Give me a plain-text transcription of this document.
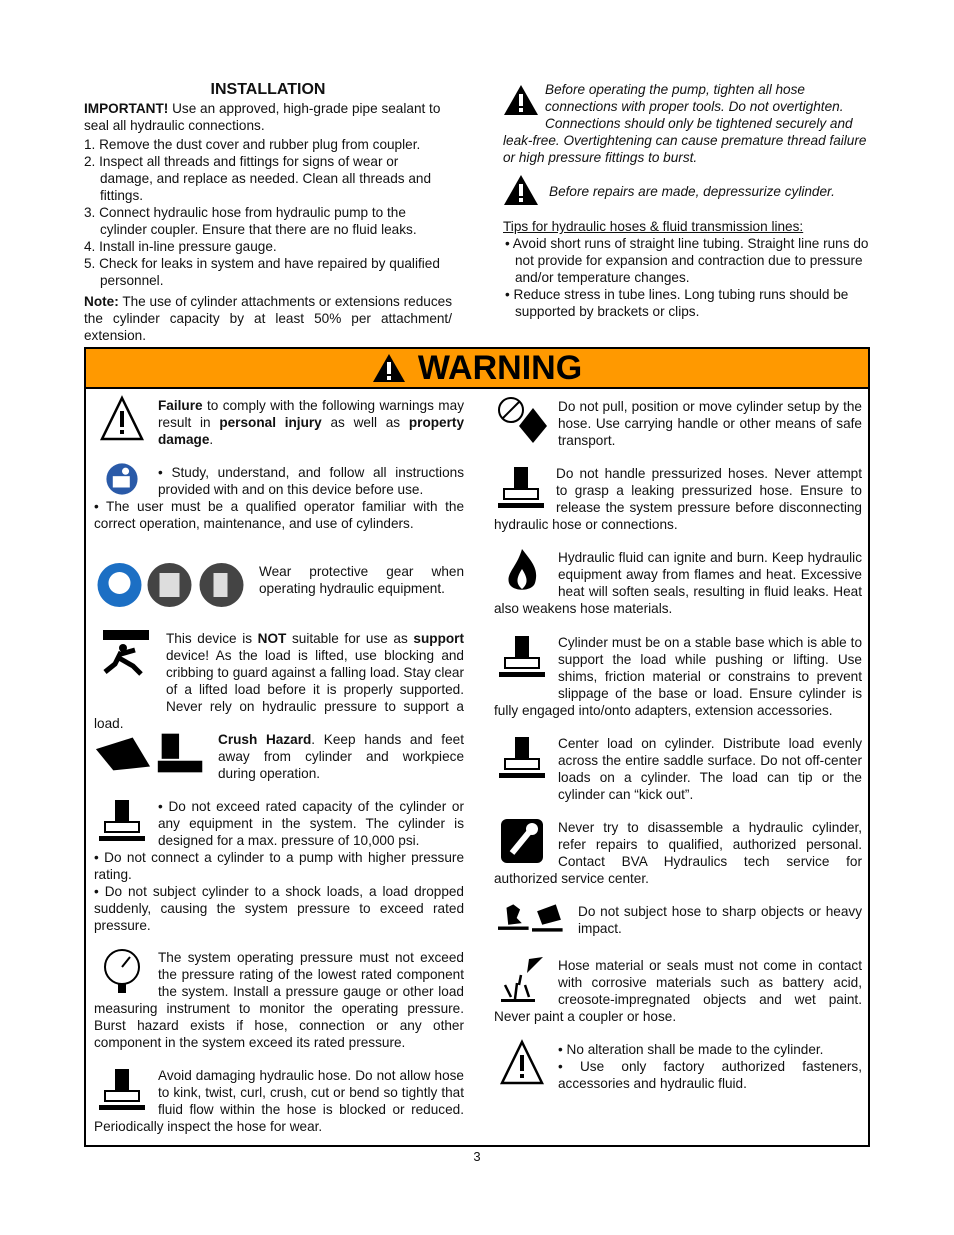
INSTALLATION

IMPORTANT! Use an approved, high-grade pipe sealant to seal all hydraulic connections.

1. Remove the dust cover and rubber plug from coupler.

2. Inspect all threads and fittings for signs of wear or damage, and replace as needed. Clean all threads and fittings.

3. Connect hydraulic hose from hydraulic pump to the cylinder coupler. Ensure that there are no fluid leaks.

4. Install in-line pressure gauge.

5. Check for leaks in system and have repaired by qualified personnel.

Note: The use of cylinder attachments or extensions reduces the cylinder capacity by at least 50% per attachment/ extension.

Before operating the pump, tighten all hose connections with proper tools. Do not overtighten. Connections should only be tightened securely and leak-free. Overtightening can cause premature thread failure or high pressure fittings to burst.

Before repairs are made, depressurize cylinder.

Tips for hydraulic hoses & fluid transmission lines:

• Avoid short runs of straight line tubing. Straight line runs do not provide for expansion and contraction due to pressure and/or temperature changes.

• Reduce stress in tube lines. Long tubing runs should be supported by brackets or clips.

WARNING

Failure to comply with the following warnings may result in personal injury as well as property damage.

• Study, understand, and follow all instructions provided with and on this device before use.

• The user must be a qualified operator familiar with the correct operation, maintenance, and use of cylinders.

Wear protective gear when operating hydraulic equipment.

This device is NOT suitable for use as support device! As the load is lifted, use blocking and cribbing to guard against a falling load. Stay clear of a lifted load before it is properly supported. Never rely on hydraulic pressure to support a load.

Crush Hazard. Keep hands and feet away from cylinder and workpiece during operation.

• Do not exceed rated capacity of the cylinder or any equipment in the system. The cylinder is designed for a max. pressure of 10,000 psi.

• Do not connect a cylinder to a pump with higher pressure rating.

• Do not subject cylinder to a shock loads, a load dropped suddenly, causing the system pressure to exceed rated pressure.

The system operating pressure must not exceed the pressure rating of the lowest rated component the system. Install a pressure gauge or other load measuring instrument to monitor the operating pressure. Burst hazard exists if hose, connection or any other component in the system exceed its rated pressure.

Avoid damaging hydraulic hose. Do not allow hose to kink, twist, curl, crush, cut or bend so tightly that fluid flow within the hose is blocked or reduced. Periodically inspect the hose for wear.

Do not pull, position or move cylinder setup by the hose. Use carrying handle or other means of safe transport.

Do not handle pressurized hoses. Never attempt to grasp a leaking pressurized hose. Ensure to release the system pressure before disconnecting hydraulic hose or connections.

Hydraulic fluid can ignite and burn. Keep hydraulic equipment away from flames and heat. Excessive heat will soften seals, resulting in fluid leaks. Heat also weakens hose materials.

Cylinder must be on a stable base which is able to support the load while pushing or lifting. Use shims, friction material or constrains to prevent slippage of the base or load. Ensure cylinder is fully engaged into/onto adapters, extension accessories.

Center load on cylinder. Distribute load evenly across the entire saddle surface. Do not off-center loads on a cylinder. The load can tip or the cylinder can “kick out”.

Never try to disassemble a hydraulic cylinder, refer repairs to qualified, authorized personal. Contact BVA Hydraulics tech service for authorized service center.

Do not subject hose to sharp objects or heavy impact.

Hose material or seals must not come in contact with corrosive materials such as battery acid, creosote-impregnated objects and wet paint. Never paint a coupler or hose.

• No alteration shall be made to the cylinder.

• Use only factory authorized fasteners, accessories and hydraulic fluid.

3
